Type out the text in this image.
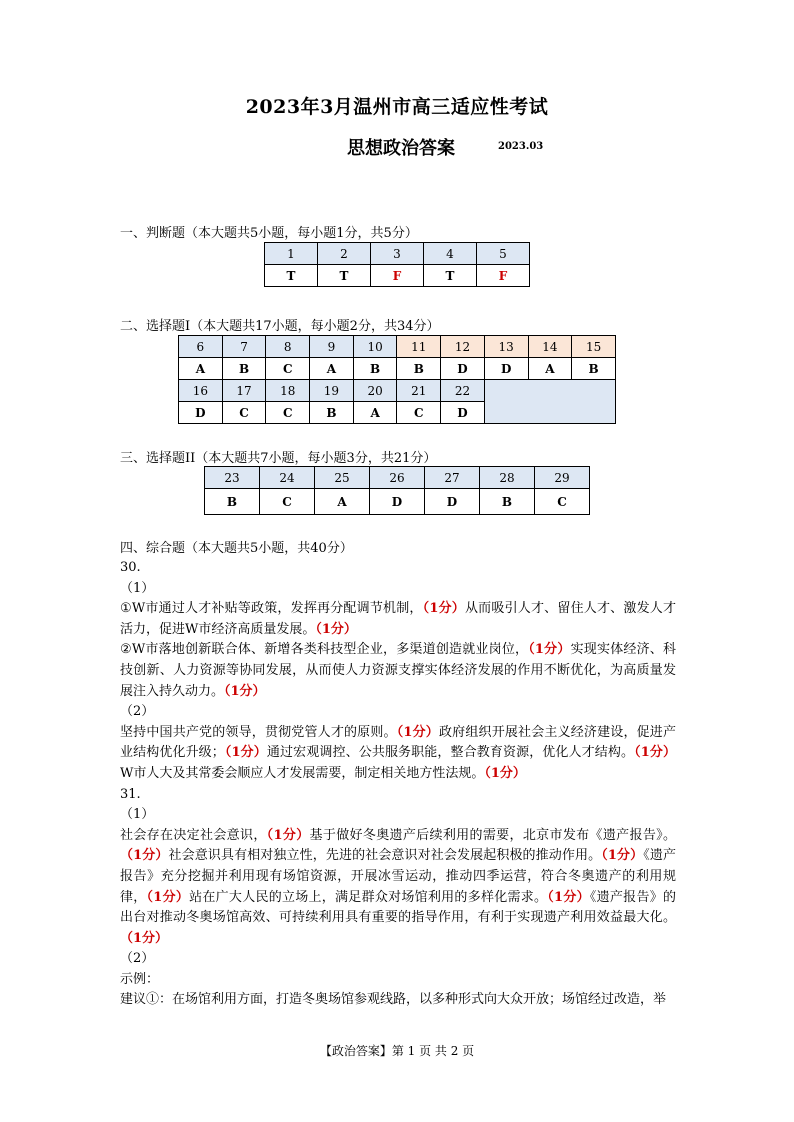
2023年3月温州市高三适应性考试
思想政治答案	2023.03
一、判断题（本大题共5小题，每小题1分，共5分）
1	2	3	4	5
T	T	F	T	F
二、选择题I（本大题共17小题，每小题2分，共34分）
6	7	8	9	10	11	12	13	14	15
A	B	C	A	B	B	D	D	A	B
16	17	18	19	20	21	22			
D	C	C	B	A	C	D			
三、选择题II（本大题共7小题，每小题3分，共21分）
23	24	25	26	27	28	29
B	C	A	D	D	B	C
四、综合题（本大题共5小题，共40分）

30.

（1）

①W市通过人才补贴等政策，发挥再分配调节机制，（1分）从而吸引人才、留住人才、激发人才活力，促进W市经济高质量发展。（1分）

②W市落地创新联合体、新增各类科技型企业，多渠道创造就业岗位，（1分）实现实体经济、科技创新、人力资源等协同发展，从而使人力资源支撑实体经济发展的作用不断优化，为高质量发展注入持久动力。（1分）

（2）

坚持中国共产党的领导，贯彻党管人才的原则。（1分）政府组织开展社会主义经济建设，促进产业结构优化升级；（1分）通过宏观调控、公共服务职能，整合教育资源，优化人才结构。（1分） W市人大及其常委会顺应人才发展需要，制定相关地方性法规。（1分）

31.

（1）

社会存在决定社会意识，（1分）基于做好冬奥遗产后续利用的需要，北京市发布《遗产报告》。（1分）社会意识具有相对独立性，先进的社会意识对社会发展起积极的推动作用。（1分）《遗产报告》充分挖掘并利用现有场馆资源，开展冰雪运动，推动四季运营，符合冬奥遗产的利用规律，（1分）站在广大人民的立场上，满足群众对场馆利用的多样化需求。（1分）《遗产报告》的出台对推动冬奥场馆高效、可持续利用具有重要的指导作用，有利于实现遗产利用效益最大化。（1分）

（2）

示例：

建议①：在场馆利用方面，打造冬奥场馆参观线路，以多种形式向大众开放；场馆经过改造，举

【政治答案】第 1 页 共 2 页
